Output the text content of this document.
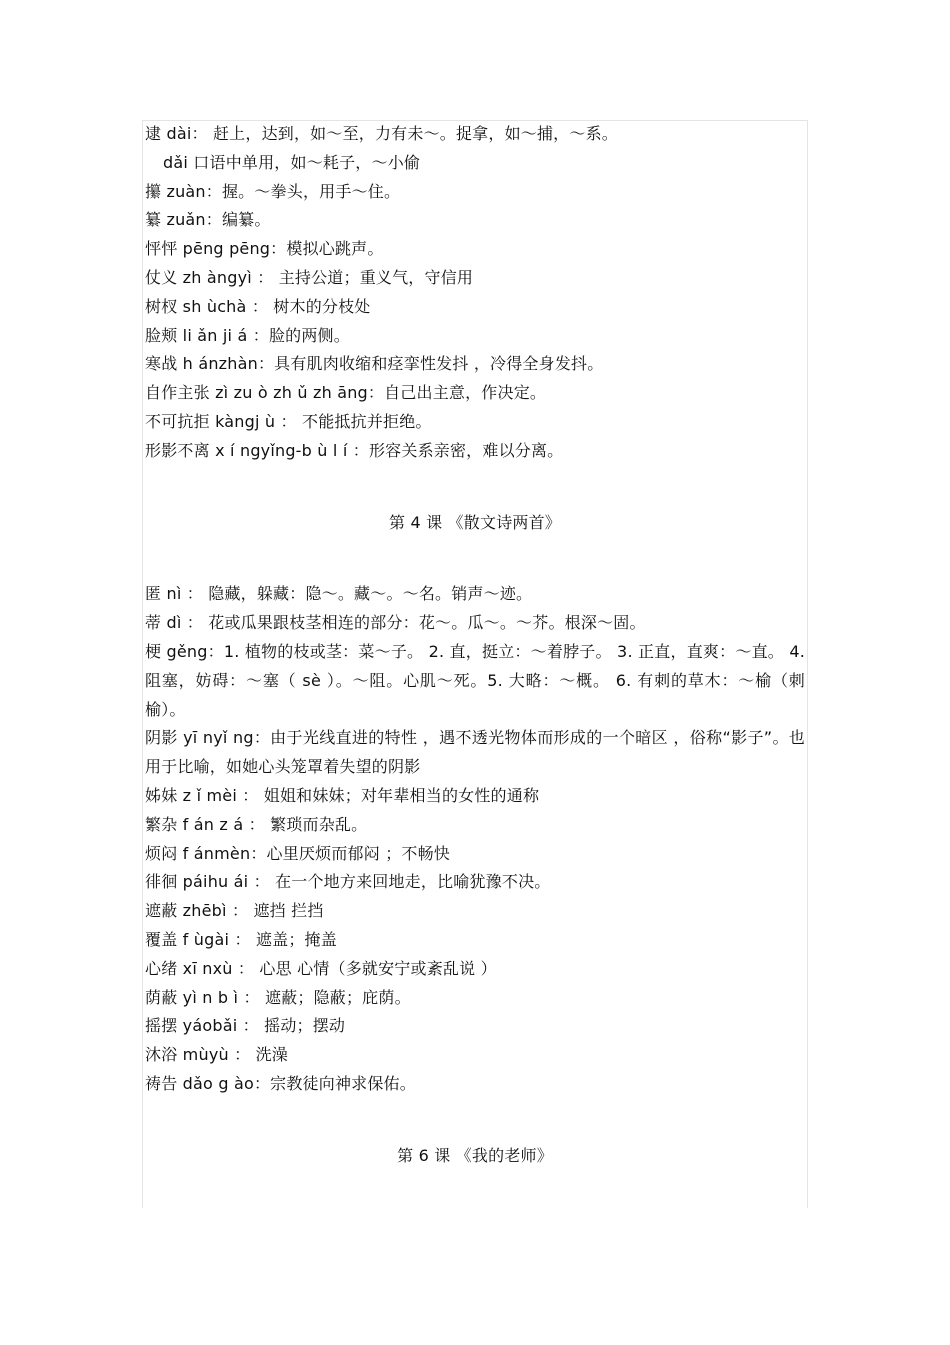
逮 dài： 赶上，达到，如～至，力有未～。捉拿，如～捕，～系。
dǎi 口语中单用，如～耗子，～小偷
攥 zuàn：握。～拳头，用手～住。
纂 zuǎn：编纂。
怦怦 pēng pēng：模拟心跳声。
仗义 zh àngyì ： 主持公道；重义气，守信用
树杈 sh ùchà ： 树木的分枝处
脸颊 li ǎn ji á ：脸的两侧。
寒战 h ánzhàn：具有肌肉收缩和痉挛性发抖 ，冷得全身发抖。
自作主张 zì zu ò zh ǔ zh āng：自己出主意，作决定。
不可抗拒 kàngj ù ： 不能抵抗并拒绝。
形影不离 x í ngyǐng-b ù l í ：形容关系亲密，难以分离。
第 4 课 《散文诗两首》
匿 nì ： 隐藏，躲藏：隐～。藏～。～名。销声～迹。
蒂 dì ： 花或瓜果跟枝茎相连的部分：花～。瓜～。～芥。根深～固。
梗 gěng：1. 植物的枝或茎：菜～子。 2. 直，挺立：～着脖子。 3. 正直，直爽：～直。 4. 阻塞，妨碍：～塞（ sè ）。～阻。心肌～死。5. 大略：～概。 6. 有刺的草木：～榆（刺榆）。
阴影 yī nyǐ ng：由于光线直进的特性 ，遇不透光物体而形成的一个暗区 ，俗称“影子”。也用于比喻，如她心头笼罩着失望的阴影
姊妹 z ǐ mèi ： 姐姐和妹妹；对年辈相当的女性的通称
繁杂 f án z á ： 繁琐而杂乱。
烦闷 f ánmèn：心里厌烦而郁闷 ；不畅快
徘徊 páihu ái ： 在一个地方来回地走，比喻犹豫不决。
遮蔽 zhēbì ： 遮挡 拦挡
覆盖 f ùgài ： 遮盖；掩盖
心绪 xī nxù ： 心思 心情（多就安宁或紊乱说 ）
荫蔽 yì n b ì ： 遮蔽；隐蔽；庇荫。
摇摆 yáobǎi ： 摇动；摆动
沐浴 mùyù ： 洗澡
祷告 dǎo g ào：宗教徒向神求保佑。
第 6 课 《我的老师》
